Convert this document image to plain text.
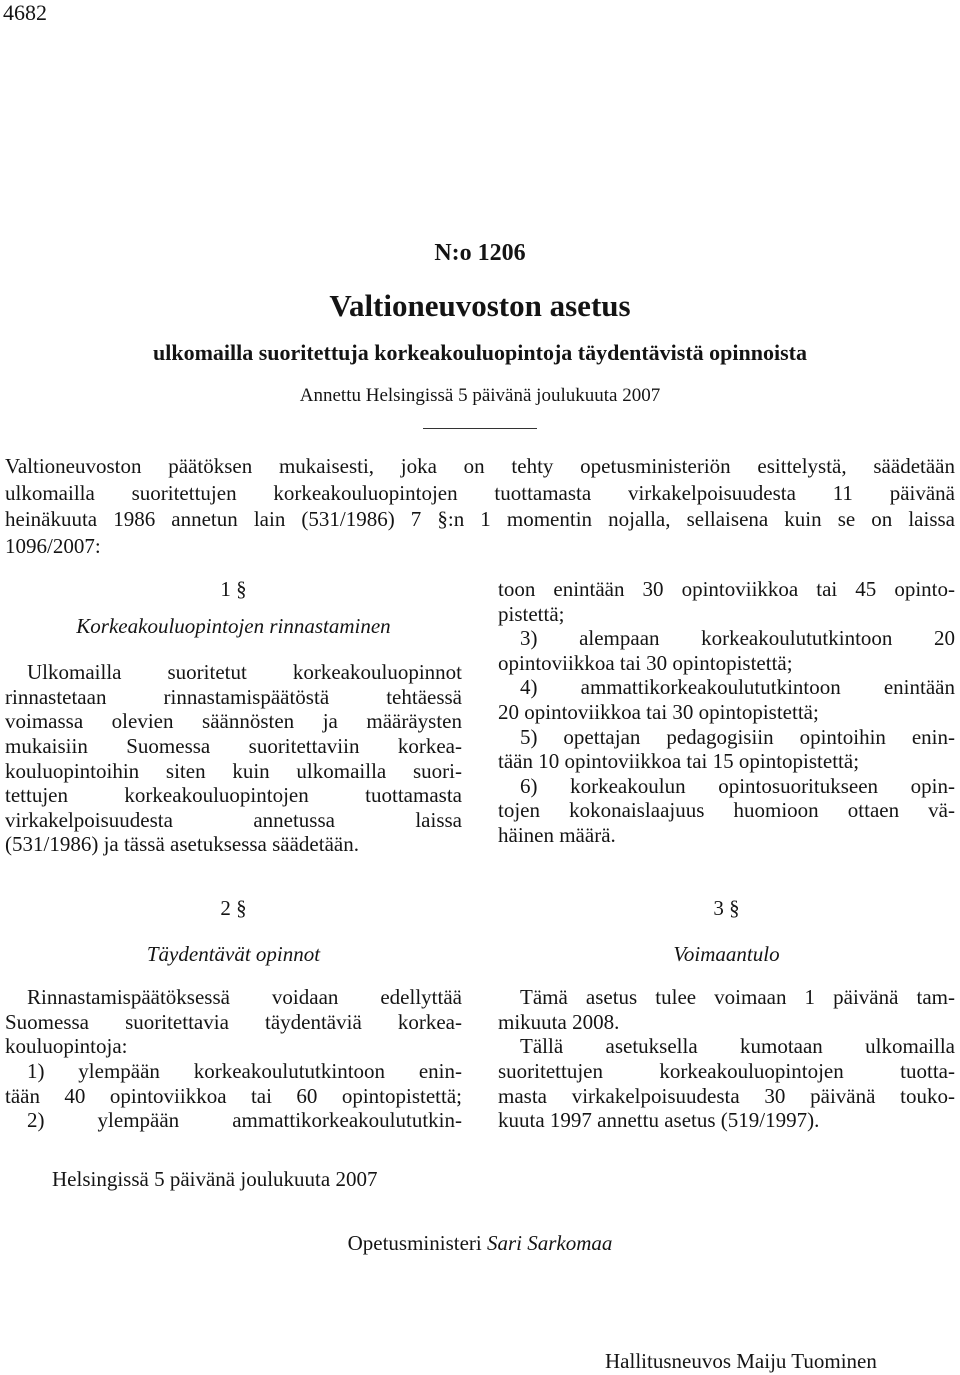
4682
N:o 1206
Valtioneuvoston asetus
ulkomailla suoritettuja korkeakouluopintoja täydentävistä opinnoista
Annettu Helsingissä 5 päivänä joulukuuta 2007
Valtioneuvoston päätöksen mukaisesti, joka on tehty opetusministeriön esittelystä, säädetään
ulkomailla suoritettujen korkeakouluopintojen tuottamasta virkakelpoisuudesta 11 päivänä
heinäkuuta 1986 annetun lain (531/1986) 7 §:n 1 momentin nojalla, sellaisena kuin se on laissa
1096/2007:
1 §
Korkeakouluopintojen rinnastaminen
Ulkomailla suoritetut korkeakouluopinnot
rinnastetaan rinnastamispäätöstä tehtäessä
voimassa olevien säännösten ja määräysten
mukaisiin Suomessa suoritettaviin korkea-
kouluopintoihin siten kuin ulkomailla suori-
tettujen korkeakouluopintojen tuottamasta
virkakelpoisuudesta annetussa laissa
(531/1986) ja tässä asetuksessa säädetään.
2 §
Täydentävät opinnot
Rinnastamispäätöksessä voidaan edellyttää
Suomessa suoritettavia täydentäviä korkea-
kouluopintoja:
1) ylempään korkeakoulututkintoon enin-
tään 40 opintoviikkoa tai 60 opintopistettä;
2) ylempään ammattikorkeakoulututkin-
toon enintään 30 opintoviikkoa tai 45 opinto-
pistettä;
3) alempaan korkeakoulututkintoon 20
opintoviikkoa tai 30 opintopistettä;
4) ammattikorkeakoulututkintoon enintään
20 opintoviikkoa tai 30 opintopistettä;
5) opettajan pedagogisiin opintoihin enin-
tään 10 opintoviikkoa tai 15 opintopistettä;
6) korkeakoulun opintosuoritukseen opin-
tojen kokonaislaajuus huomioon ottaen vä-
häinen määrä.
3 §
Voimaantulo
Tämä asetus tulee voimaan 1 päivänä tam-
mikuuta 2008.
Tällä asetuksella kumotaan ulkomailla
suoritettujen korkeakouluopintojen tuotta-
masta virkakelpoisuudesta 30 päivänä touko-
kuuta 1997 annettu asetus (519/1997).
Helsingissä 5 päivänä joulukuuta 2007
Opetusministeri Sari Sarkomaa
Hallitusneuvos Maiju Tuominen
